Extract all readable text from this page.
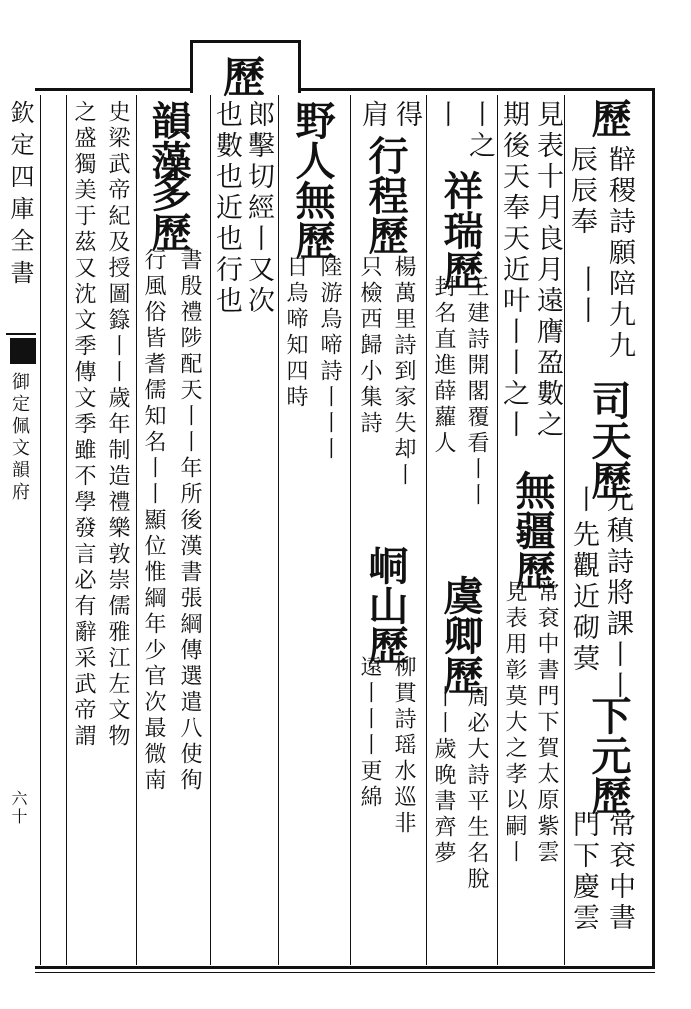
歷
歷
辰辰奉 辥稷詩願陪九九
丨丨
司天歷
丨 元稹詩將課丨丨
先觀近砌蓂
下元歷
常袞中書
門下慶雲
見表十月良月遠膺盈數之
期後天奉天近叶丨丨之丨
無疆歷
常袞中書門下賀太原紫雲
見表用彰莫大之孝以嗣丨
丨之
丨
祥瑞歷
王建詩開閣覆看丨丨
封名直進薛蘿人
虞卿歷
周必大詩平生名脫
丨丨歲晚書齊夢
得
肩
行程歷
楊萬里詩到家失却丨
只檢西歸小集詩
峒山歷
柳貫詩瑶水巡非
遠丨丨丨更綿
野人無歷
陸游烏啼詩丨丨丨
日烏啼知四時
郎擊切經丨又次
也數也近也行也
韻藻
多歷
書殷禮陟配天丨丨年所後漢書張綱傳選遣八使徇
行風俗皆耆儒知名丨丨顯位惟綱年少官次最微南
史梁武帝紀及授圖籙丨丨歲年制造禮樂敦崇儒雅江左文物
之盛獨美于茲又沈文季傳文季雖不學發言必有辭采武帝謂
欽定四庫全書
御定佩文韻府
六十
